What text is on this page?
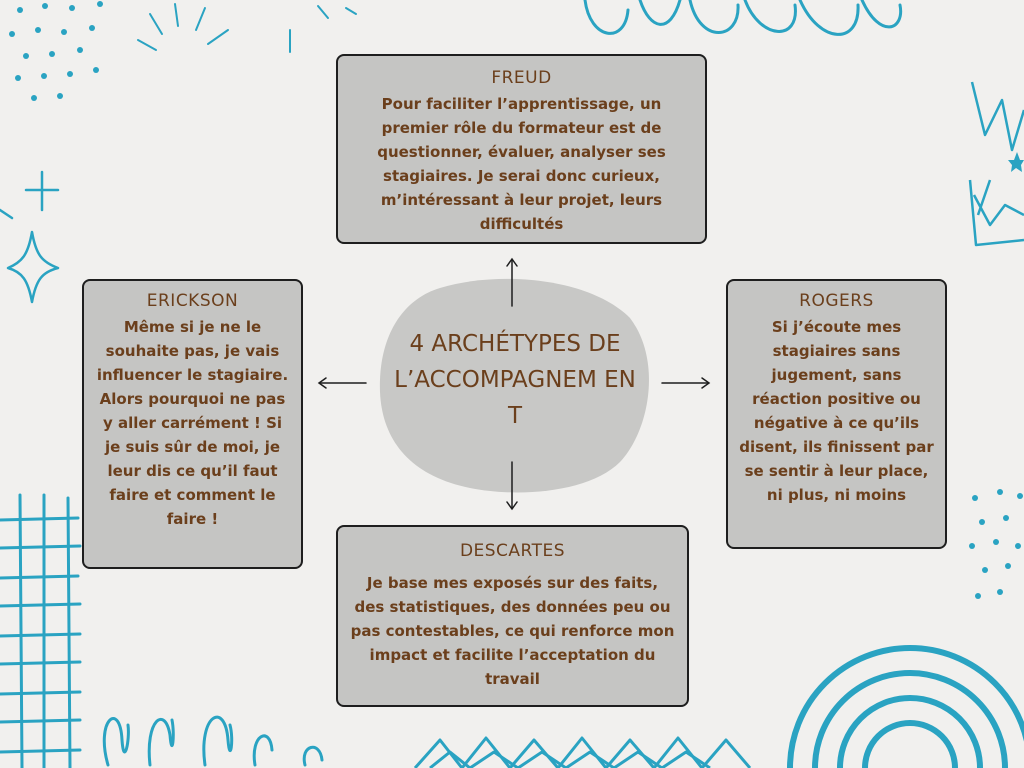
4 ARCHÉTYPES DE L’ACCOMPAGNEM ENT

FREUD

Pour faciliter l’apprentissage, un premier rôle du formateur est de questionner, évaluer, analyser ses stagiaires. Je serai donc curieux, m’intéressant à leur projet, leurs difficultés

ERICKSON

Même si je ne le souhaite pas, je vais influencer le stagiaire. Alors pourquoi ne pas y aller carrément ! Si je suis sûr de moi, je leur dis ce qu’il faut faire et comment le faire !

ROGERS

Si j’écoute mes stagiaires sans jugement, sans réaction positive ou négative à ce qu’ils disent, ils finissent par se sentir à leur place, ni plus, ni moins

DESCARTES

Je base mes exposés sur des faits, des statistiques, des données peu ou pas contestables, ce qui renforce mon impact et facilite l’acceptation du travail
